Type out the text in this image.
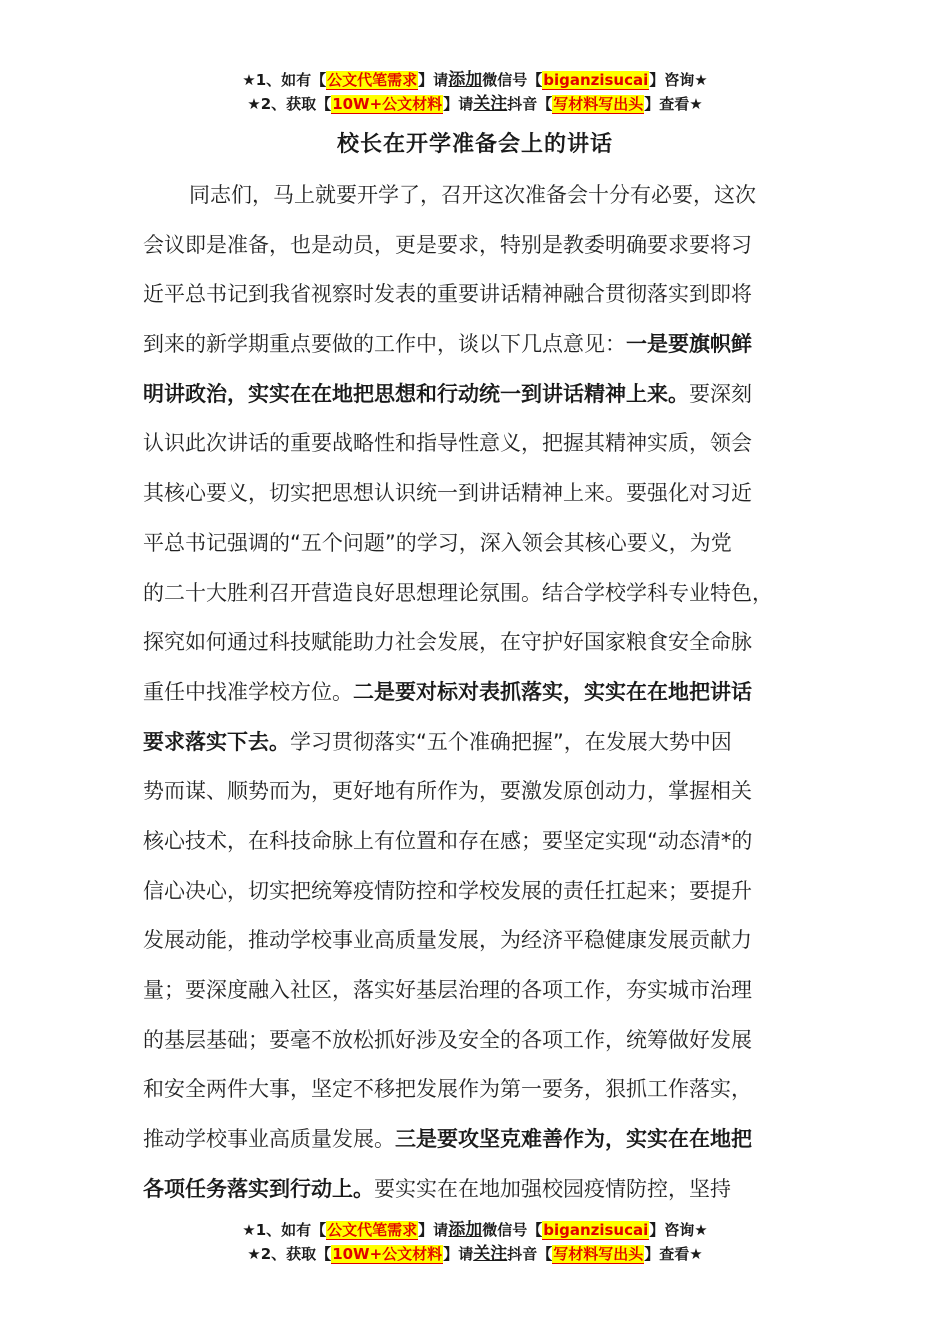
★1、如有【公文代笔需求】请添加微信号【biganzisucai】咨询★
★2、获取【10W+公文材料】请关注抖音【写材料写出头】查看★
校长在开学准备会上的讲话
同志们，马上就要开学了，召开这次准备会十分有必要，这次
会议即是准备，也是动员，更是要求，特别是教委明确要求要将习
近平总书记到我省视察时发表的重要讲话精神融合贯彻落实到即将
到来的新学期重点要做的工作中，谈以下几点意见：一是要旗帜鲜
明讲政治，实实在在地把思想和行动统一到讲话精神上来。要深刻
认识此次讲话的重要战略性和指导性意义，把握其精神实质，领会
其核心要义，切实把思想认识统一到讲话精神上来。要强化对习近
平总书记强调的“五个问题”的学习，深入领会其核心要义，为党
的二十大胜利召开营造良好思想理论氛围。结合学校学科专业特色，
探究如何通过科技赋能助力社会发展，在守护好国家粮食安全命脉
重任中找准学校方位。二是要对标对表抓落实，实实在在地把讲话
要求落实下去。学习贯彻落实“五个准确把握”，在发展大势中因
势而谋、顺势而为，更好地有所作为，要激发原创动力，掌握相关
核心技术，在科技命脉上有位置和存在感；要坚定实现“动态清*的
信心决心，切实把统筹疫情防控和学校发展的责任扛起来；要提升
发展动能，推动学校事业高质量发展，为经济平稳健康发展贡献力
量；要深度融入社区，落实好基层治理的各项工作，夯实城市治理
的基层基础；要毫不放松抓好涉及安全的各项工作，统筹做好发展
和安全两件大事，坚定不移把发展作为第一要务，狠抓工作落实，
推动学校事业高质量发展。三是要攻坚克难善作为，实实在在地把
各项任务落实到行动上。要实实在在地加强校园疫情防控，坚持
★1、如有【公文代笔需求】请添加微信号【biganzisucai】咨询★
★2、获取【10W+公文材料】请关注抖音【写材料写出头】查看★
